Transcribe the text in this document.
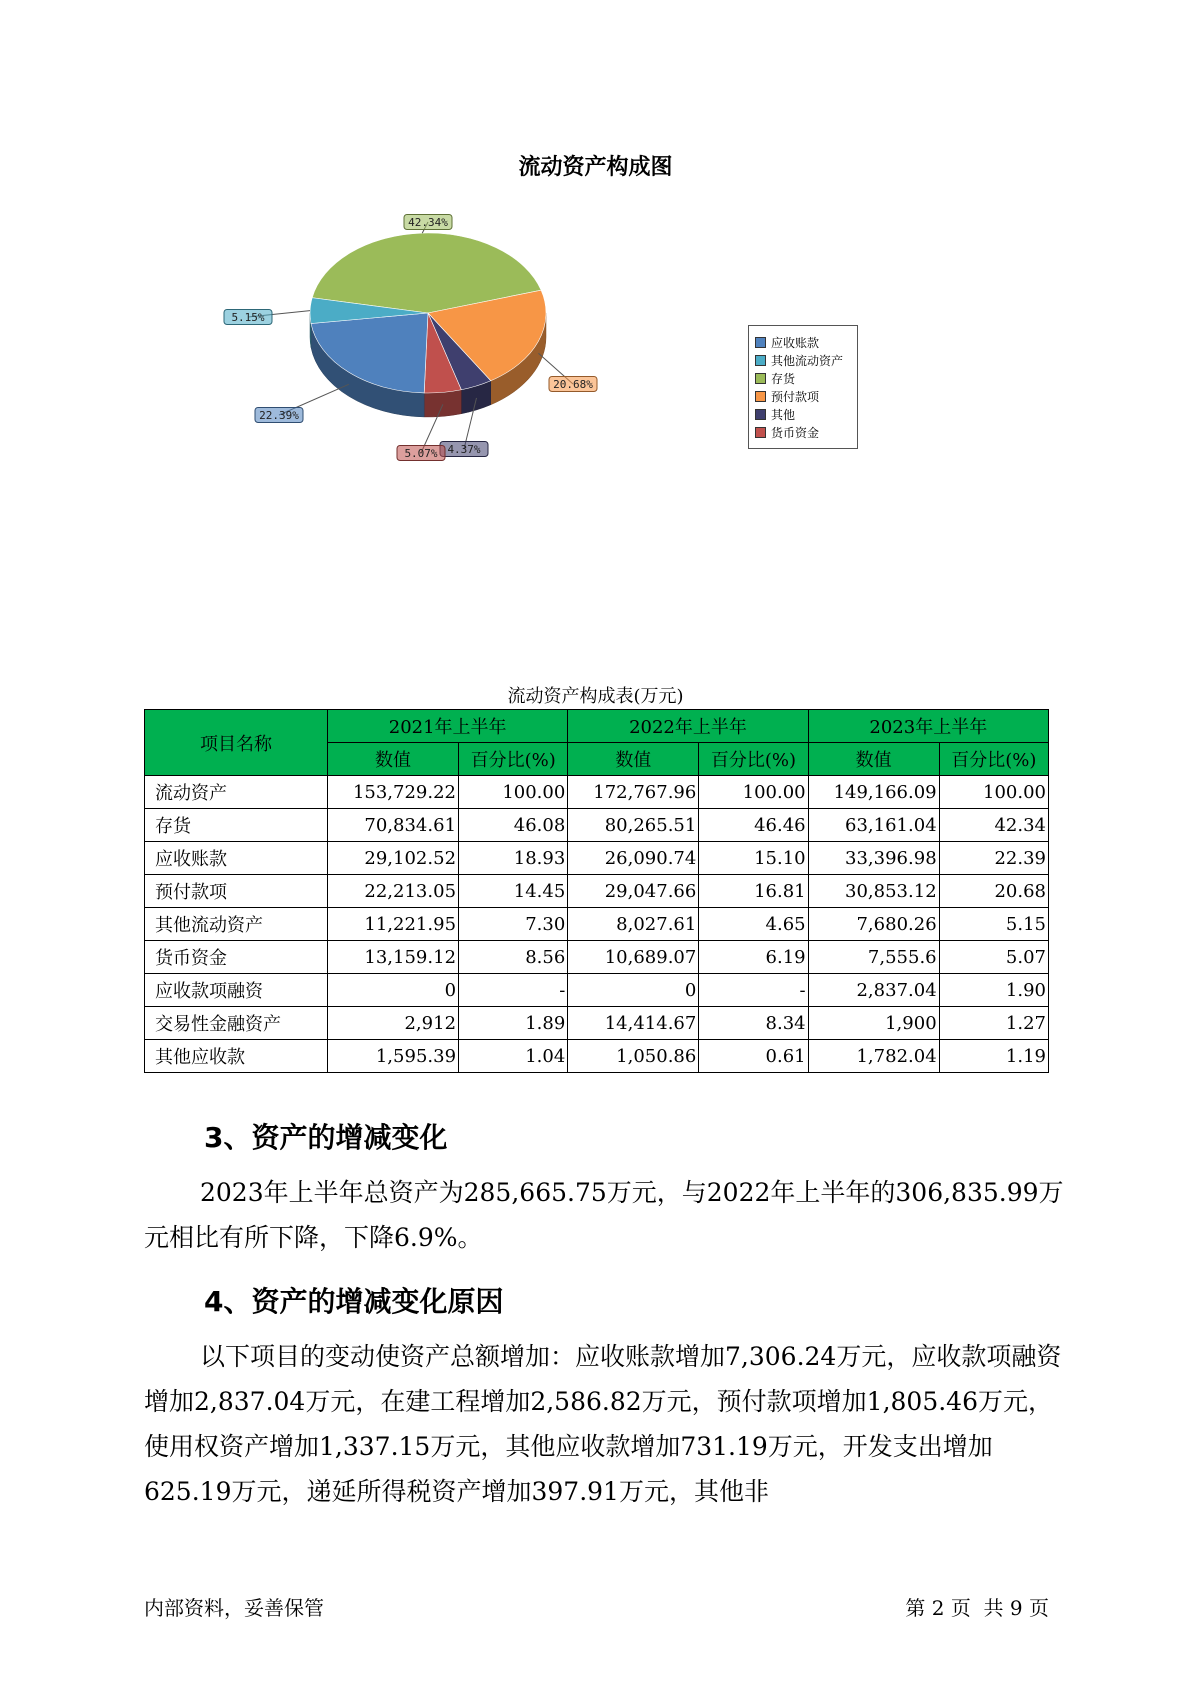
流动资产构成图
22.39%
5.15%
42.34%
20.68%
4.37%
5.07%
应收账款
其他流动资产
存货
预付款项
其他
货币资金
流动资产构成表(万元)
项目名称	2021年上半年		2022年上半年		2023年上半年	
	数值	百分比(%)	数值	百分比(%)	数值	百分比(%)
流动资产	153,729.22	100.00	172,767.96	100.00	149,166.09	100.00
存货	70,834.61	46.08	80,265.51	46.46	63,161.04	42.34
应收账款	29,102.52	18.93	26,090.74	15.10	33,396.98	22.39
预付款项	22,213.05	14.45	29,047.66	16.81	30,853.12	20.68
其他流动资产	11,221.95	7.30	8,027.61	4.65	7,680.26	5.15
货币资金	13,159.12	8.56	10,689.07	6.19	7,555.6	5.07
应收款项融资	0	-	0	-	2,837.04	1.90
交易性金融资产	2,912	1.89	14,414.67	8.34	1,900	1.27
其他应收款	1,595.39	1.04	1,050.86	0.61	1,782.04	1.19
3、资产的增减变化

2023年上半年总资产为285,665.75万元，与2022年上半年的306,835.99万元相比有所下降，下降6.9%。

4、资产的增减变化原因

以下项目的变动使资产总额增加：应收账款增加7,306.24万元，应收款项融资增加2,837.04万元，在建工程增加2,586.82万元，预付款项增加1,805.46万元，使用权资产增加1,337.15万元，其他应收款增加731.19万元，开发支出增加625.19万元，递延所得税资产增加397.91万元，其他非

内部资料，妥善保管	第 2 页  共 9 页
